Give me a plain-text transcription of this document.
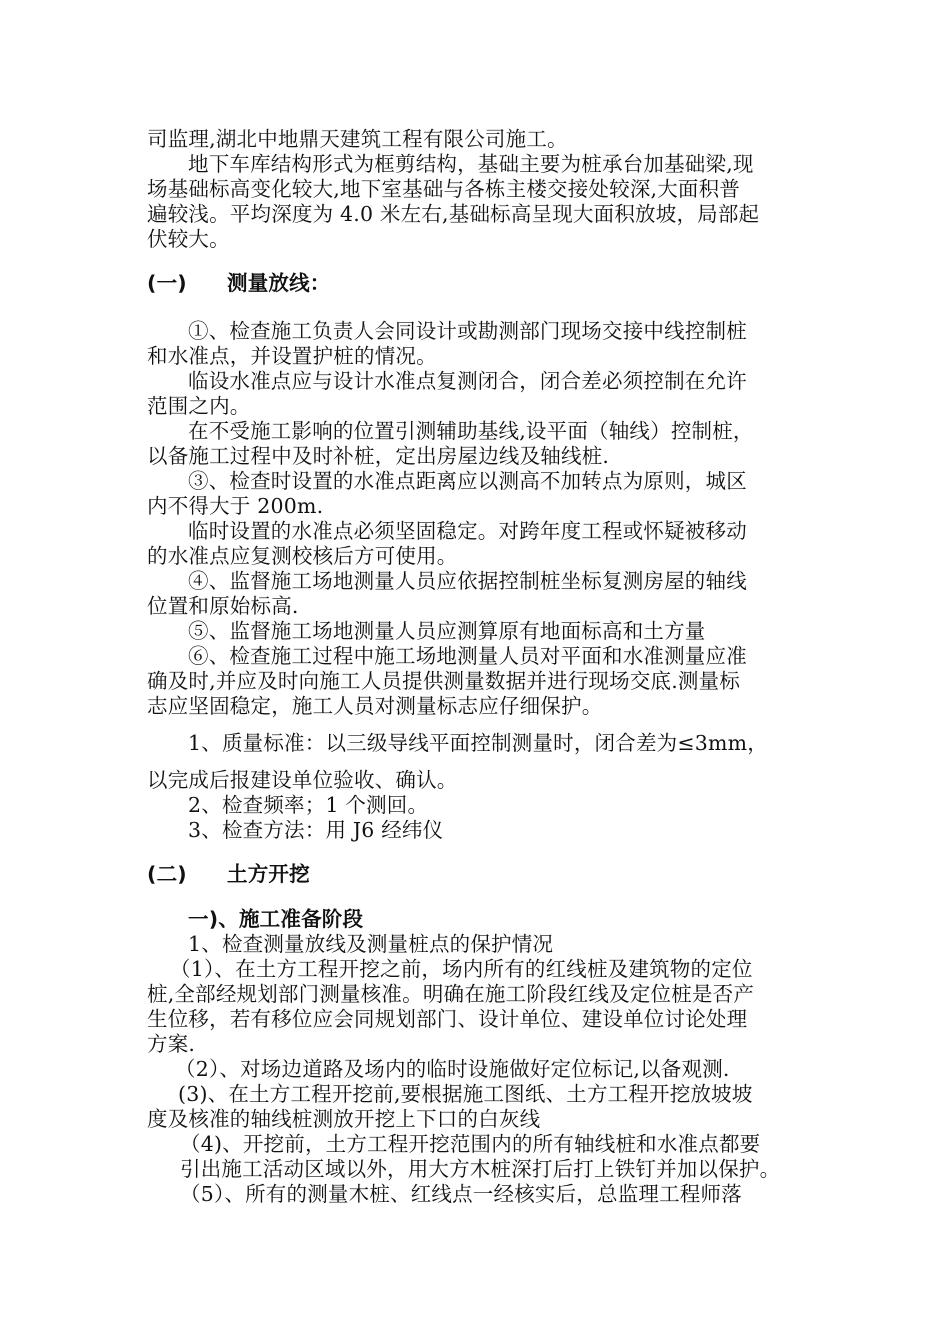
司监理,湖北中地鼎天建筑工程有限公司施工。
地下车库结构形式为框剪结构，基础主要为桩承台加基础梁,现
场基础标高变化较大,地下室基础与各栋主楼交接处较深,大面积普
遍较浅。平均深度为 4.0 米左右,基础标高呈现大面积放坡，局部起
伏较大。
(一) 测量放线：
①、检查施工负责人会同设计或勘测部门现场交接中线控制桩
和水准点，并设置护桩的情况。
临设水准点应与设计水准点复测闭合，闭合差必须控制在允许
范围之内。
在不受施工影响的位置引测辅助基线,设平面（轴线）控制桩，
以备施工过程中及时补桩，定出房屋边线及轴线桩.
③、检查时设置的水准点距离应以测高不加转点为原则，城区
内不得大于 200m.
临时设置的水准点必须坚固稳定。对跨年度工程或怀疑被移动
的水准点应复测校核后方可使用。
④、监督施工场地测量人员应依据控制桩坐标复测房屋的轴线
位置和原始标高.
⑤、监督施工场地测量人员应测算原有地面标高和土方量
⑥、检查施工过程中施工场地测量人员对平面和水准测量应准
确及时,并应及时向施工人员提供测量数据并进行现场交底.测量标
志应坚固稳定，施工人员对测量标志应仔细保护。
1、质量标准：以三级导线平面控制测量时，闭合差为≤3mm，
以完成后报建设单位验收、确认。
2、检查频率；1 个测回。
3、检查方法：用 J6 经纬仪
(二) 土方开挖
一)、施工准备阶段
1、检查测量放线及测量桩点的保护情况
（1）、在土方工程开挖之前，场内所有的红线桩及建筑物的定位
桩,全部经规划部门测量核准。明确在施工阶段红线及定位桩是否产
生位移，若有移位应会同规划部门、设计单位、建设单位讨论处理
方案.
（2）、对场边道路及场内的临时设施做好定位标记,以备观测.
(3)、在土方工程开挖前,要根据施工图纸、土方工程开挖放坡坡
度及核准的轴线桩测放开挖上下口的白灰线
（4)、开挖前，土方工程开挖范围内的所有轴线桩和水准点都要
引出施工活动区域以外，用大方木桩深打后打上铁钉并加以保护。
（5）、所有的测量木桩、红线点一经核实后，总监理工程师落
